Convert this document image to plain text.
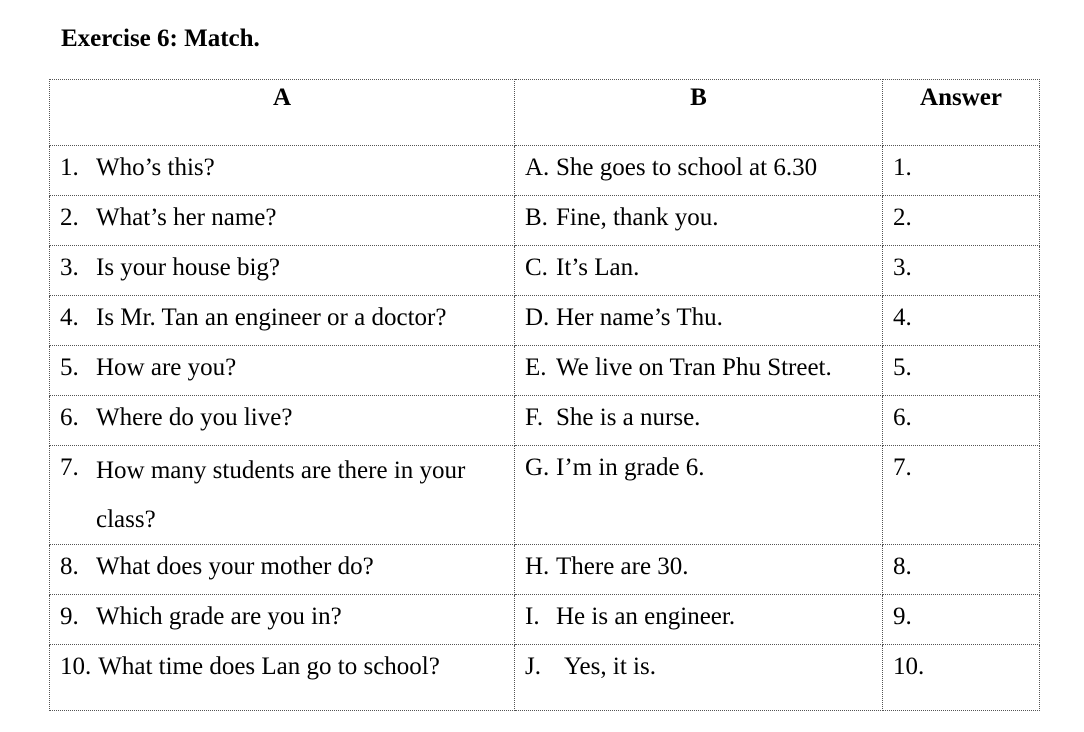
Exercise 6: Match.
A	B	Answer

1. Who’s this?	A. She goes to school at 6.30	1.

2. What’s her name?	B. Fine, thank you.	2.

3. Is your house big?	C. It’s Lan.	3.

4. Is Mr. Tan an engineer or a doctor?	D. Her name’s Thu.	4.

5. How are you?	E. We live on Tran Phu Street.	5.

6. Where do you live?	F. She is a nurse.	6.

7. How many students are there in your class?	G. I’m in grade 6.	7.

8. What does your mother do?	H. There are 30.	8.

9. Which grade are you in?	I. He is an engineer.	9.

10. What time does Lan go to school?	J. Yes, it is.	10.
